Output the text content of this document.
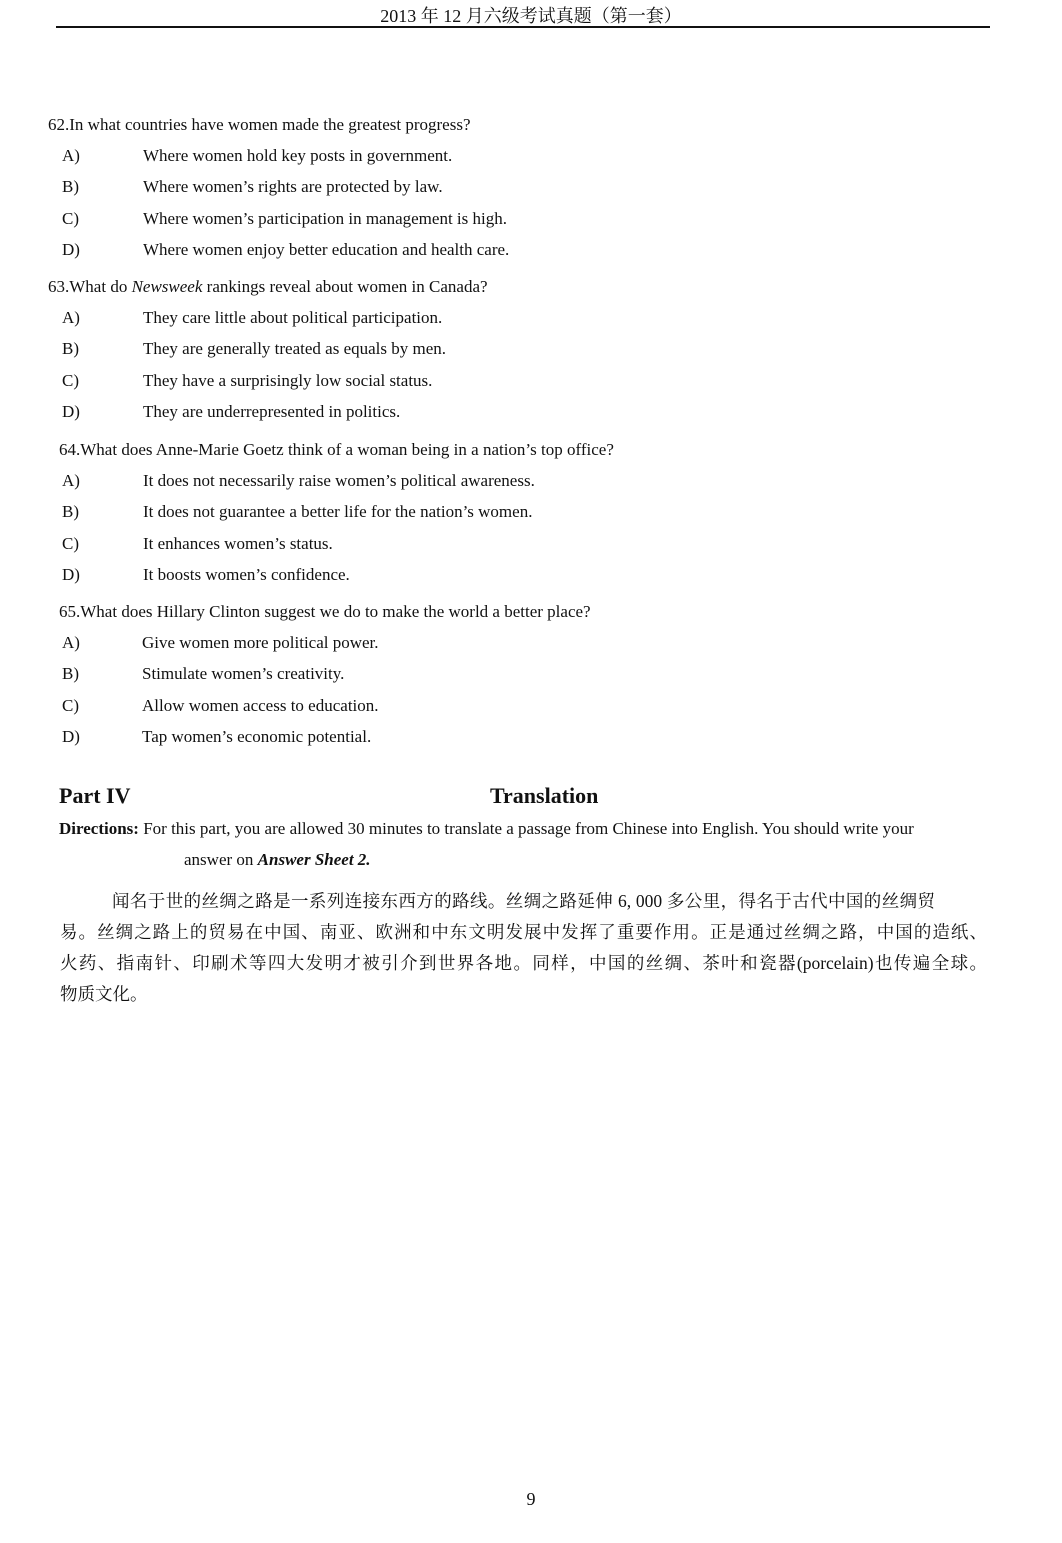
2013 年 12 月六级考试真题（第一套）
62.In what countries have women made the greatest progress?
A)	Where women hold key posts in government.
B)	Where women’s rights are protected by law.
C)	Where women’s participation in management is high.
D)	Where women enjoy better education and health care.
63.What do Newsweek rankings reveal about women in Canada?
A)	They care little about political participation.
B)	They are generally treated as equals by men.
C)	They have a surprisingly low social status.
D)	They are underrepresented in politics.
64.What does Anne-Marie Goetz think of a woman being in a nation’s top office?
A)	It does not necessarily raise women’s political awareness.
B)	It does not guarantee a better life for the nation’s women.
C)	It enhances women’s status.
D)	It boosts women’s confidence.
65.What does Hillary Clinton suggest we do to make the world a better place?
A)	Give women more political power.
B)	Stimulate women’s creativity.
C)	Allow women access to education.
D)	Tap women’s economic potential.
Part IV	Translation
Directions: For this part, you are allowed 30 minutes to translate a passage from Chinese into English. You should write your
answer on Answer Sheet 2.
闻名于世的丝绸之路是一系列连接东西方的路线。丝绸之路延伸 6, 000 多公里，得名于古代中国的丝绸贸
易。丝绸之路上的贸易在中国、南亚、欧洲和中东文明发展中发挥了重要作用。正是通过丝绸之路，中国的造纸、
火药、指南针、印刷术等四大发明才被引介到世界各地。同样，中国的丝绸、茶叶和瓷器(porcelain)也传遍全球。
物质文化。
9
